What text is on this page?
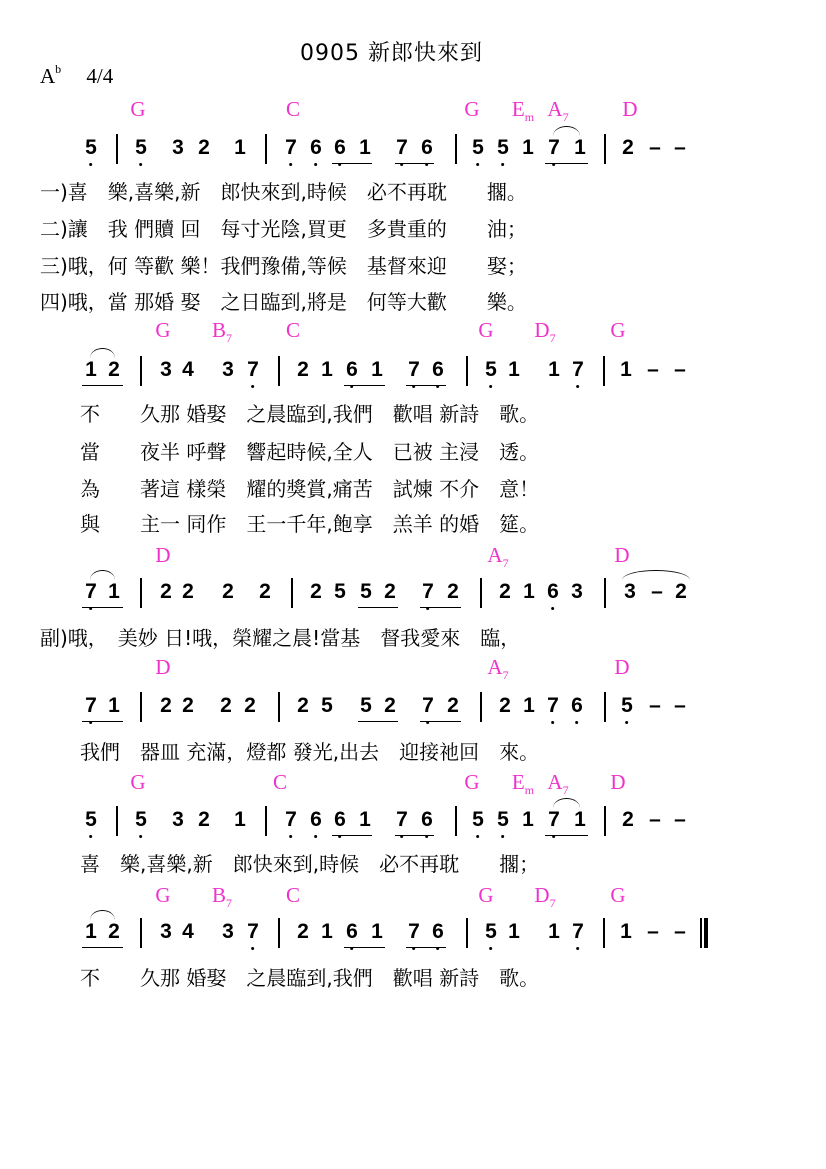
0905 新郎快來到
$A^b$ 4/4
G	C	G $E_m$ $A_7$	D
5 5 3 2 1 7 6 6 1 7 6 5 5 1 7 1 2 – –
一)喜　樂,喜樂,新　郎快來到,時候　必不再耽　　擱。
二)讓　我 們贖 回　每寸光陰,買更　多貴重的　　油；
三)哦，何 等歡 樂！我們豫備,等候　基督來迎　　娶；
四)哦，當 那婚 娶　之日臨到,將是　何等大歡　　樂。
G $B_7$	C	G $D_7$	G
1 2 3 4 3 7 2 1 6 1 7 6 5 1 1 7 1 – –
不　　久那 婚娶　之晨臨到,我們　歡唱 新詩　歌。
當　　夜半 呼聲　響起時候,全人　已被 主浸　透。
為　　著這 樣榮　耀的獎賞,痛苦　試煉 不介　意！
與　　主一 同作　王一千年,飽享　羔羊 的婚　筵。
D	$A_7$	D
7 1 2 2 2 2 2 5 5 2 7 2 2 1 6 3 3 – 2
副)哦，　美妙 日!哦，榮耀之晨!當基　督我愛來　臨，
D	$A_7$	D
7 1 2 2 2 2 2 5 5 2 7 2 2 1 7 6 5 – –
我們　器皿 充滿，燈都 發光,出去　迎接祂回　來。
G	C	G $E_m$ $A_7$ D
5 5 3 2 1 7 6 6 1 7 6 5 5 1 7 1 2 – –
喜　樂,喜樂,新　郎快來到,時候　必不再耽　　擱；
G $B_7$	C	G $D_7$	G
1 2 3 4 3 7 2 1 6 1 7 6 5 1 1 7 1 – –
不　　久那 婚娶　之晨臨到,我們　歡唱 新詩　歌。
